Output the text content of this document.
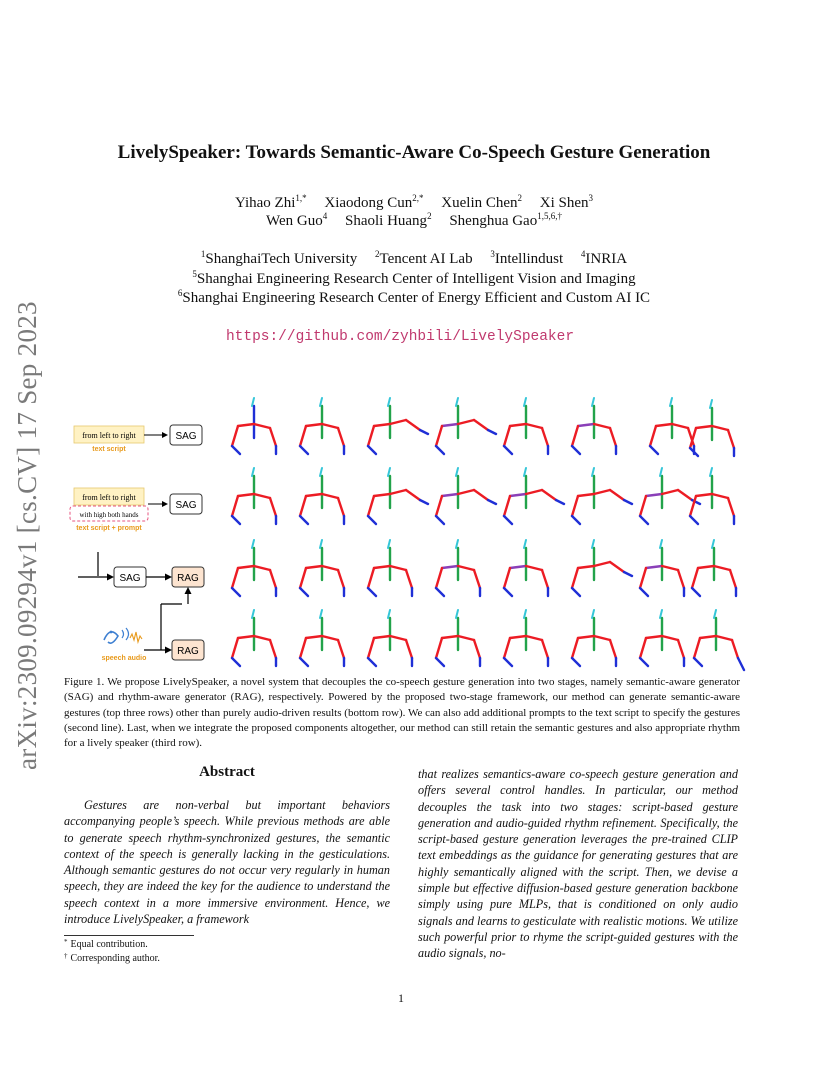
arXiv:2309.09294v1 [cs.CV] 17 Sep 2023
LivelySpeaker: Towards Semantic-Aware Co-Speech Gesture Generation
Yihao Zhi$^{1,*}$ Xiaodong Cun$^{2,*}$ Xuelin Chen$^2$ Xi Shen$^3$
Wen Guo$^4$ Shaoli Huang$^2$ Shenghua Gao$^{1,5,6,\dagger}$
$^1$ShanghaiTech University $^2$Tencent AI Lab $^3$Intellindust $^4$INRIA
$^5$Shanghai Engineering Research Center of Intelligent Vision and Imaging
$^6$Shanghai Engineering Research Center of Energy Efficient and Custom AI IC
https://github.com/zyhbili/LivelySpeaker
from left to right
text script
SAG
from left to right
with high both hands
text script + prompt
SAG
SAG	RAG
speech audio
RAG
Figure 1. We propose LivelySpeaker, a novel system that decouples the co-speech gesture generation into two stages, namely semantic-aware generator (SAG) and rhythm-aware generator (RAG), respectively. Powered by the proposed two-stage framework, our method can generate semantic-aware gestures (top three rows) other than purely audio-driven results (bottom row). We can also add additional prompts to the text script to specify the gestures (second line). Last, when we integrate the proposed components altogether, our method can still retain the semantic gestures and also appropriate rhythm for a lively speaker (third row).
Abstract

Gestures are non-verbal but important behaviors accompanying people’s speech. While previous methods are able to generate speech rhythm-synchronized gestures, the semantic context of the speech is generally lacking in the gesticulations. Although semantic gestures do not occur very regularly in human speech, they are indeed the key for the audience to understand the speech context in a more immersive environment. Hence, we introduce LivelySpeaker, a framework

that realizes semantics-aware co-speech gesture generation and offers several control handles. In particular, our method decouples the task into two stages: script-based gesture generation and audio-guided rhythm refinement. Specifically, the script-based gesture generation leverages the pre-trained CLIP text embeddings as the guidance for generating gestures that are highly semantically aligned with the script. Then, we devise a simple but effective diffusion-based gesture generation backbone simply using pure MLPs, that is conditioned on only audio signals and learns to gesticulate with realistic motions. We utilize such powerful prior to rhyme the script-guided gestures with the audio signals, no-

* Equal contribution.
† Corresponding author.
1
